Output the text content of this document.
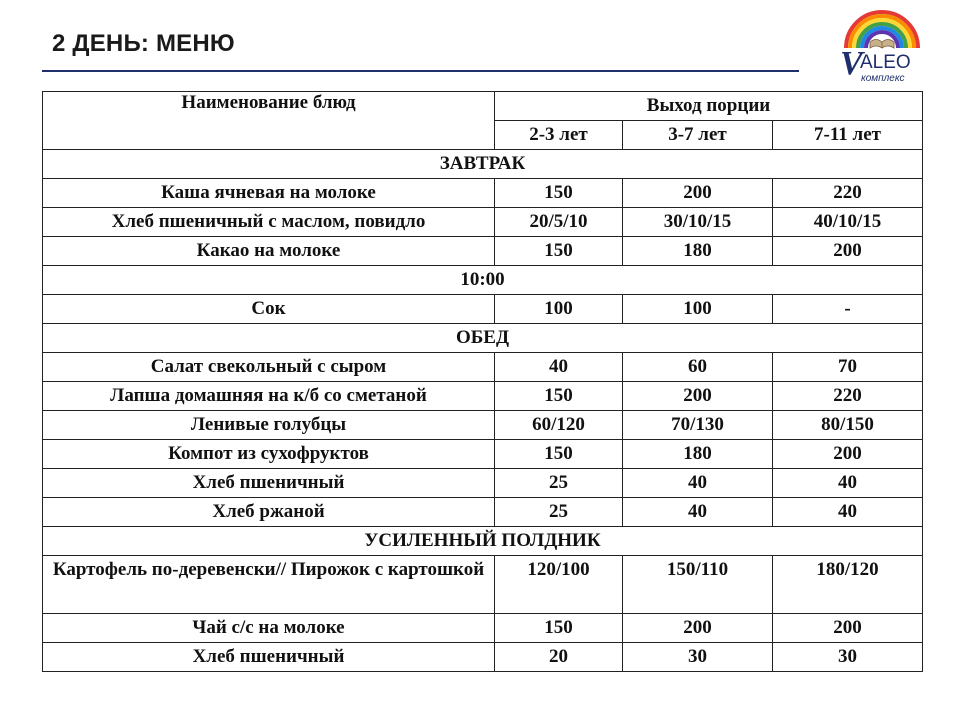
2 ДЕНЬ: МЕНЮ
V
ALEO
комплекс
Наименование блюд	Выход порции		
	2-3 лет	3-7 лет	7-11 лет
ЗАВТРАК			
Каша ячневая на молоке	150	200	220
Хлеб пшеничный с маслом, повидло	20/5/10	30/10/15	40/10/15
Какао на молоке	150	180	200
10:00			
Сок	100	100	-
ОБЕД			
Салат свекольный с сыром	40	60	70
Лапша домашняя на к/б со сметаной	150	200	220
Ленивые голубцы	60/120	70/130	80/150
Компот из сухофруктов	150	180	200
Хлеб пшеничный	25	40	40
Хлеб ржаной	25	40	40
УСИЛЕННЫЙ ПОЛДНИК			
Картофель по-деревенски// Пирожок с картошкой	120/100	150/110	180/120
Чай с/с на молоке	150	200	200
Хлеб пшеничный	20	30	30
